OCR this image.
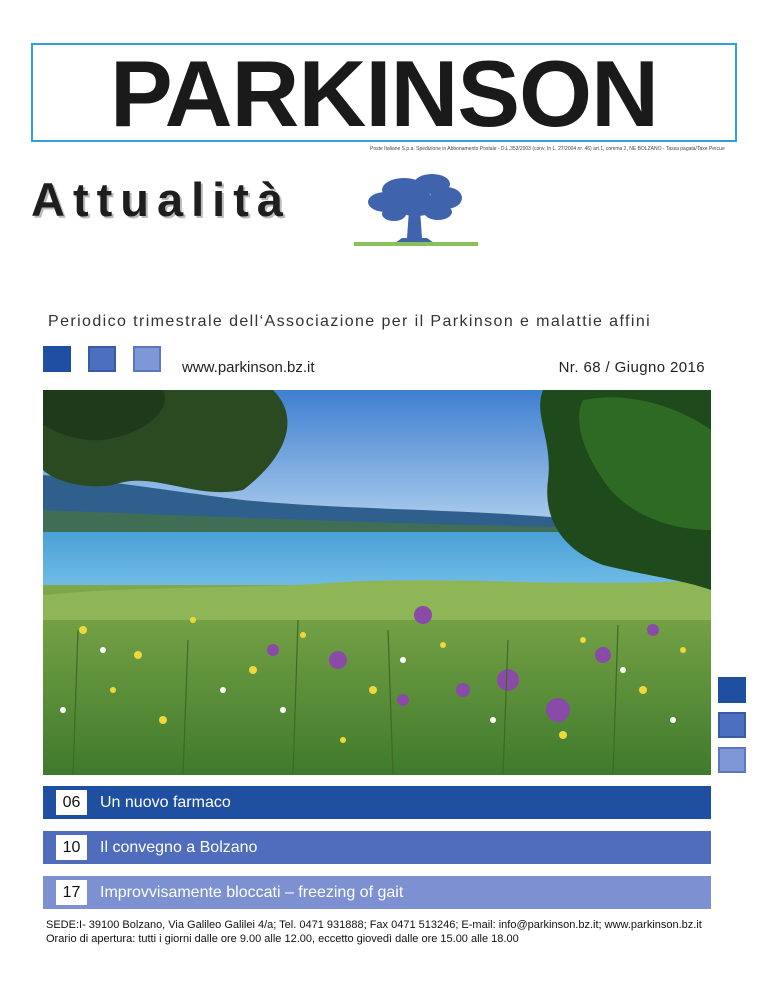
PARKINSON
Poste Italiane S.p.a. Spedizione in Abbonamento Postale - D.L.353/2003 (conv. In L. 27/2004 nr. 46) art.1, comma 2, NE BOLZANO - Tassa pagata/Taxe Percue
Attualità
Periodico trimestrale dell‘Associazione per il Parkinson e malattie affini
www.parkinson.bz.it	Nr. 68 / Giugno 2016
06	Un nuovo farmaco
10	Il convegno a Bolzano
17	Improvvisamente bloccati – freezing of gait
SEDE:I- 39100 Bolzano, Via Galileo Galilei 4/a; Tel. 0471 931888; Fax 0471 513246; E-mail: info@parkinson.bz.it; www.parkinson.bz.it
Orario di apertura: tutti i giorni dalle ore 9.00 alle 12.00, eccetto giovedì dalle ore 15.00 alle 18.00
